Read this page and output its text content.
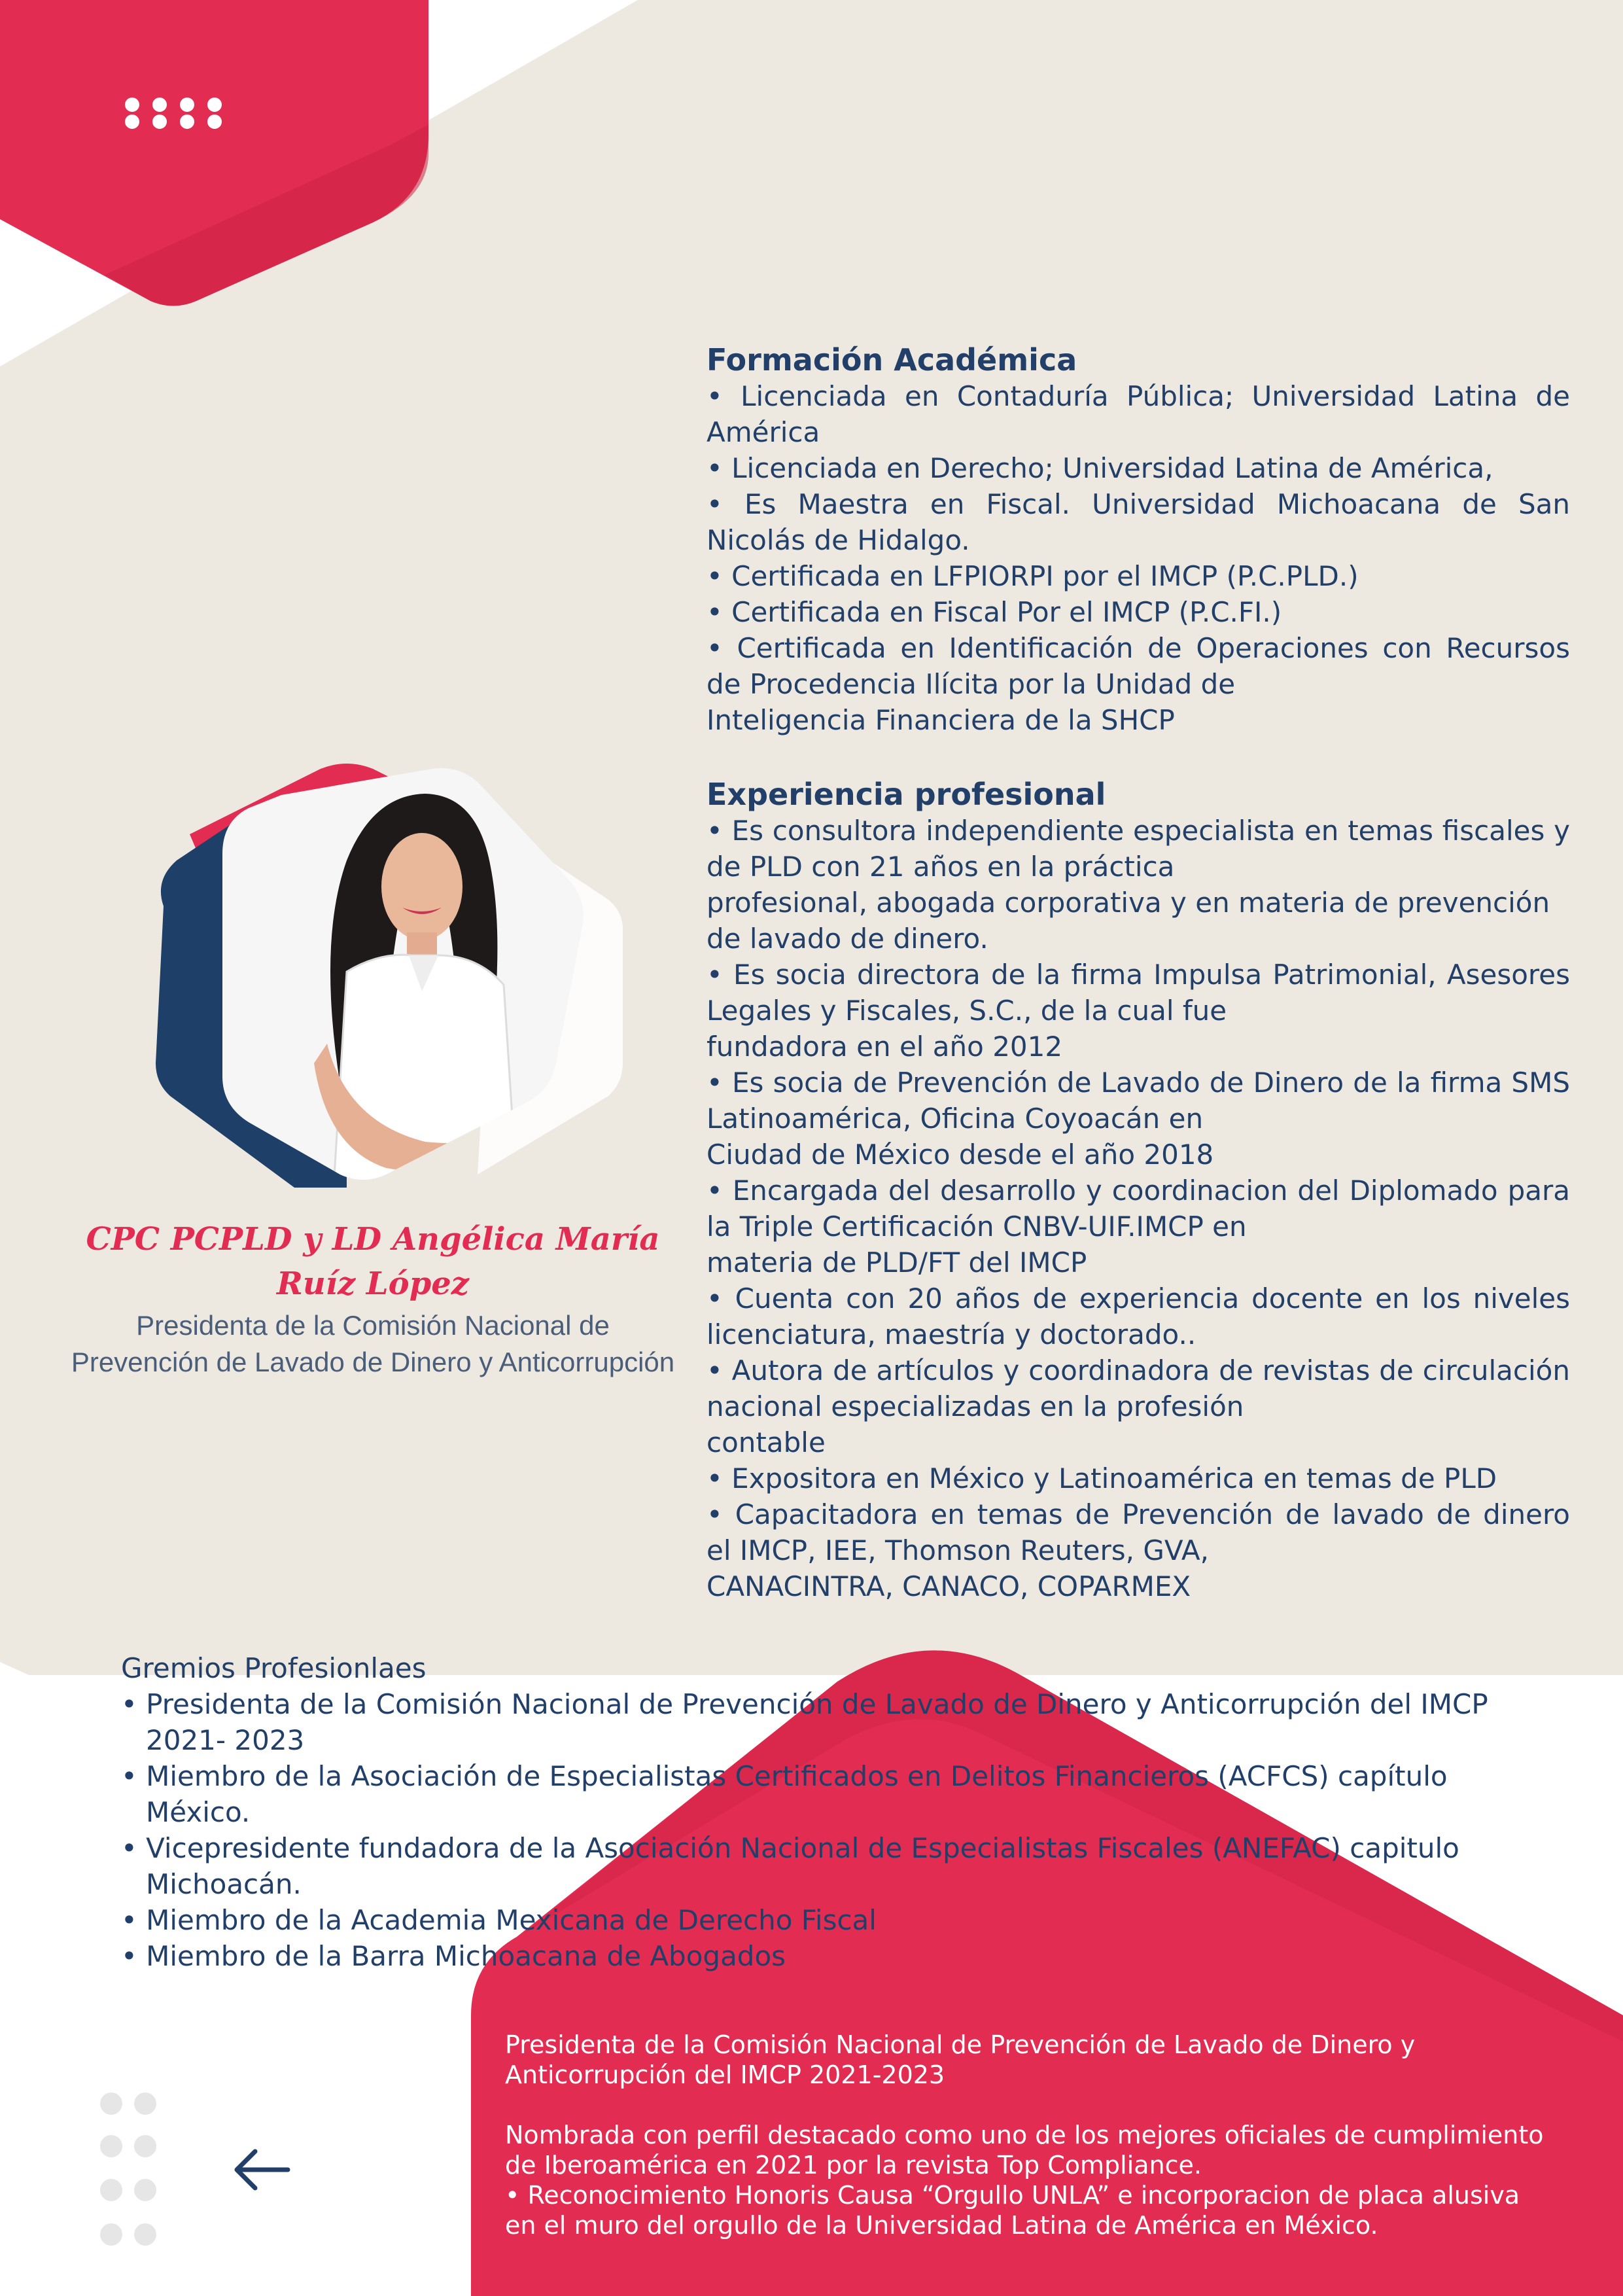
CPC PCPLD y LD Angélica María
Ruíz López
Presidenta de la Comisión Nacional de
Prevención de Lavado de Dinero y Anticorrupción
Formación Académica

• Licenciada en Contaduría Pública; Universidad Latina de América

• Licenciada en Derecho; Universidad Latina de América,

• Es Maestra en Fiscal. Universidad Michoacana de San Nicolás de Hidalgo.

• Certificada en LFPIORPI por el IMCP (P.C.PLD.)

• Certificada en Fiscal Por el IMCP (P.C.FI.)

• Certificada en Identificación de Operaciones con Recursos de Procedencia Ilícita por la Unidad de

Inteligencia Financiera de la SHCP

Experiencia profesional

• Es consultora independiente especialista en temas fiscales y de PLD con 21 años en la práctica

profesional, abogada corporativa y en materia de prevención de lavado de dinero.

• Es socia directora de la firma Impulsa Patrimonial, Asesores Legales y Fiscales, S.C., de la cual fue

fundadora en el año 2012

• Es socia de Prevención de Lavado de Dinero de la firma SMS Latinoamérica, Oficina Coyoacán en

Ciudad de México desde el año 2018

• Encargada del desarrollo y coordinacion del Diplomado para la Triple Certificación CNBV-UIF.IMCP en

materia de PLD/FT del IMCP

• Cuenta con 20 años de experiencia docente en los niveles licenciatura, maestría y doctorado..

• Autora de artículos y coordinadora de revistas de circulación nacional especializadas en la profesión

contable

• Expositora en México y Latinoamérica en temas de PLD

• Capacitadora en temas de Prevención de lavado de dinero el IMCP, IEE, Thomson Reuters, GVA,

CANACINTRA, CANACO, COPARMEX

Gremios Profesionlaes

• Presidenta de la Comisión Nacional de Prevención de Lavado de Dinero y Anticorrupción del IMCP

2021- 2023

• Miembro de la Asociación de Especialistas Certificados en Delitos Financieros (ACFCS) capítulo

México.

• Vicepresidente fundadora de la Asociación Nacional de Especialistas Fiscales (ANEFAC) capitulo

Michoacán.

• Miembro de la Academia Mexicana de Derecho Fiscal

• Miembro de la Barra Michoacana de Abogados

Presidenta de la Comisión Nacional de Prevención de Lavado de Dinero y

Anticorrupción del IMCP 2021-2023

Nombrada con perfil destacado como uno de los mejores oficiales de cumplimiento

de Iberoamérica en 2021 por la revista Top Compliance.

• Reconocimiento Honoris Causa “Orgullo UNLA” e incorporacion de placa alusiva

en el muro del orgullo de la Universidad Latina de América en México.
